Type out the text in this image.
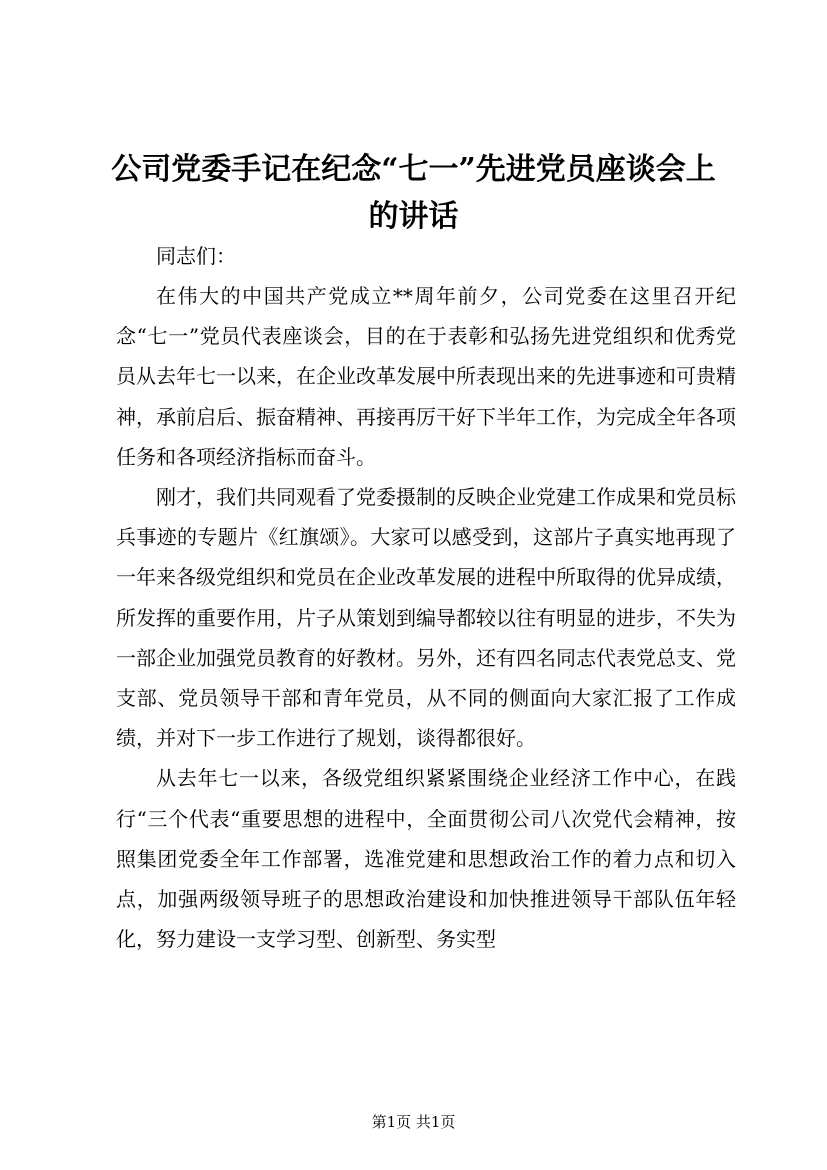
公司党委手记在纪念“七一”先进党员座谈会上的讲话

同志们：

在伟大的中国共产党成立**周年前夕，公司党委在这里召开纪念“七一”党员代表座谈会，目的在于表彰和弘扬先进党组织和优秀党员从去年七一以来，在企业改革发展中所表现出来的先进事迹和可贵精神，承前启后、振奋精神、再接再厉干好下半年工作，为完成全年各项任务和各项经济指标而奋斗。

刚才，我们共同观看了党委摄制的反映企业党建工作成果和党员标兵事迹的专题片《红旗颂》。大家可以感受到，这部片子真实地再现了一年来各级党组织和党员在企业改革发展的进程中所取得的优异成绩，所发挥的重要作用，片子从策划到编导都较以往有明显的进步，不失为一部企业加强党员教育的好教材。另外，还有四名同志代表党总支、党支部、党员领导干部和青年党员，从不同的侧面向大家汇报了工作成绩，并对下一步工作进行了规划，谈得都很好。

从去年七一以来，各级党组织紧紧围绕企业经济工作中心，在践行“三个代表“重要思想的进程中，全面贯彻公司八次党代会精神，按照集团党委全年工作部署，选准党建和思想政治工作的着力点和切入点，加强两级领导班子的思想政治建设和加快推进领导干部队伍年轻化，努力建设一支学习型、创新型、务实型

第1页 共1页
